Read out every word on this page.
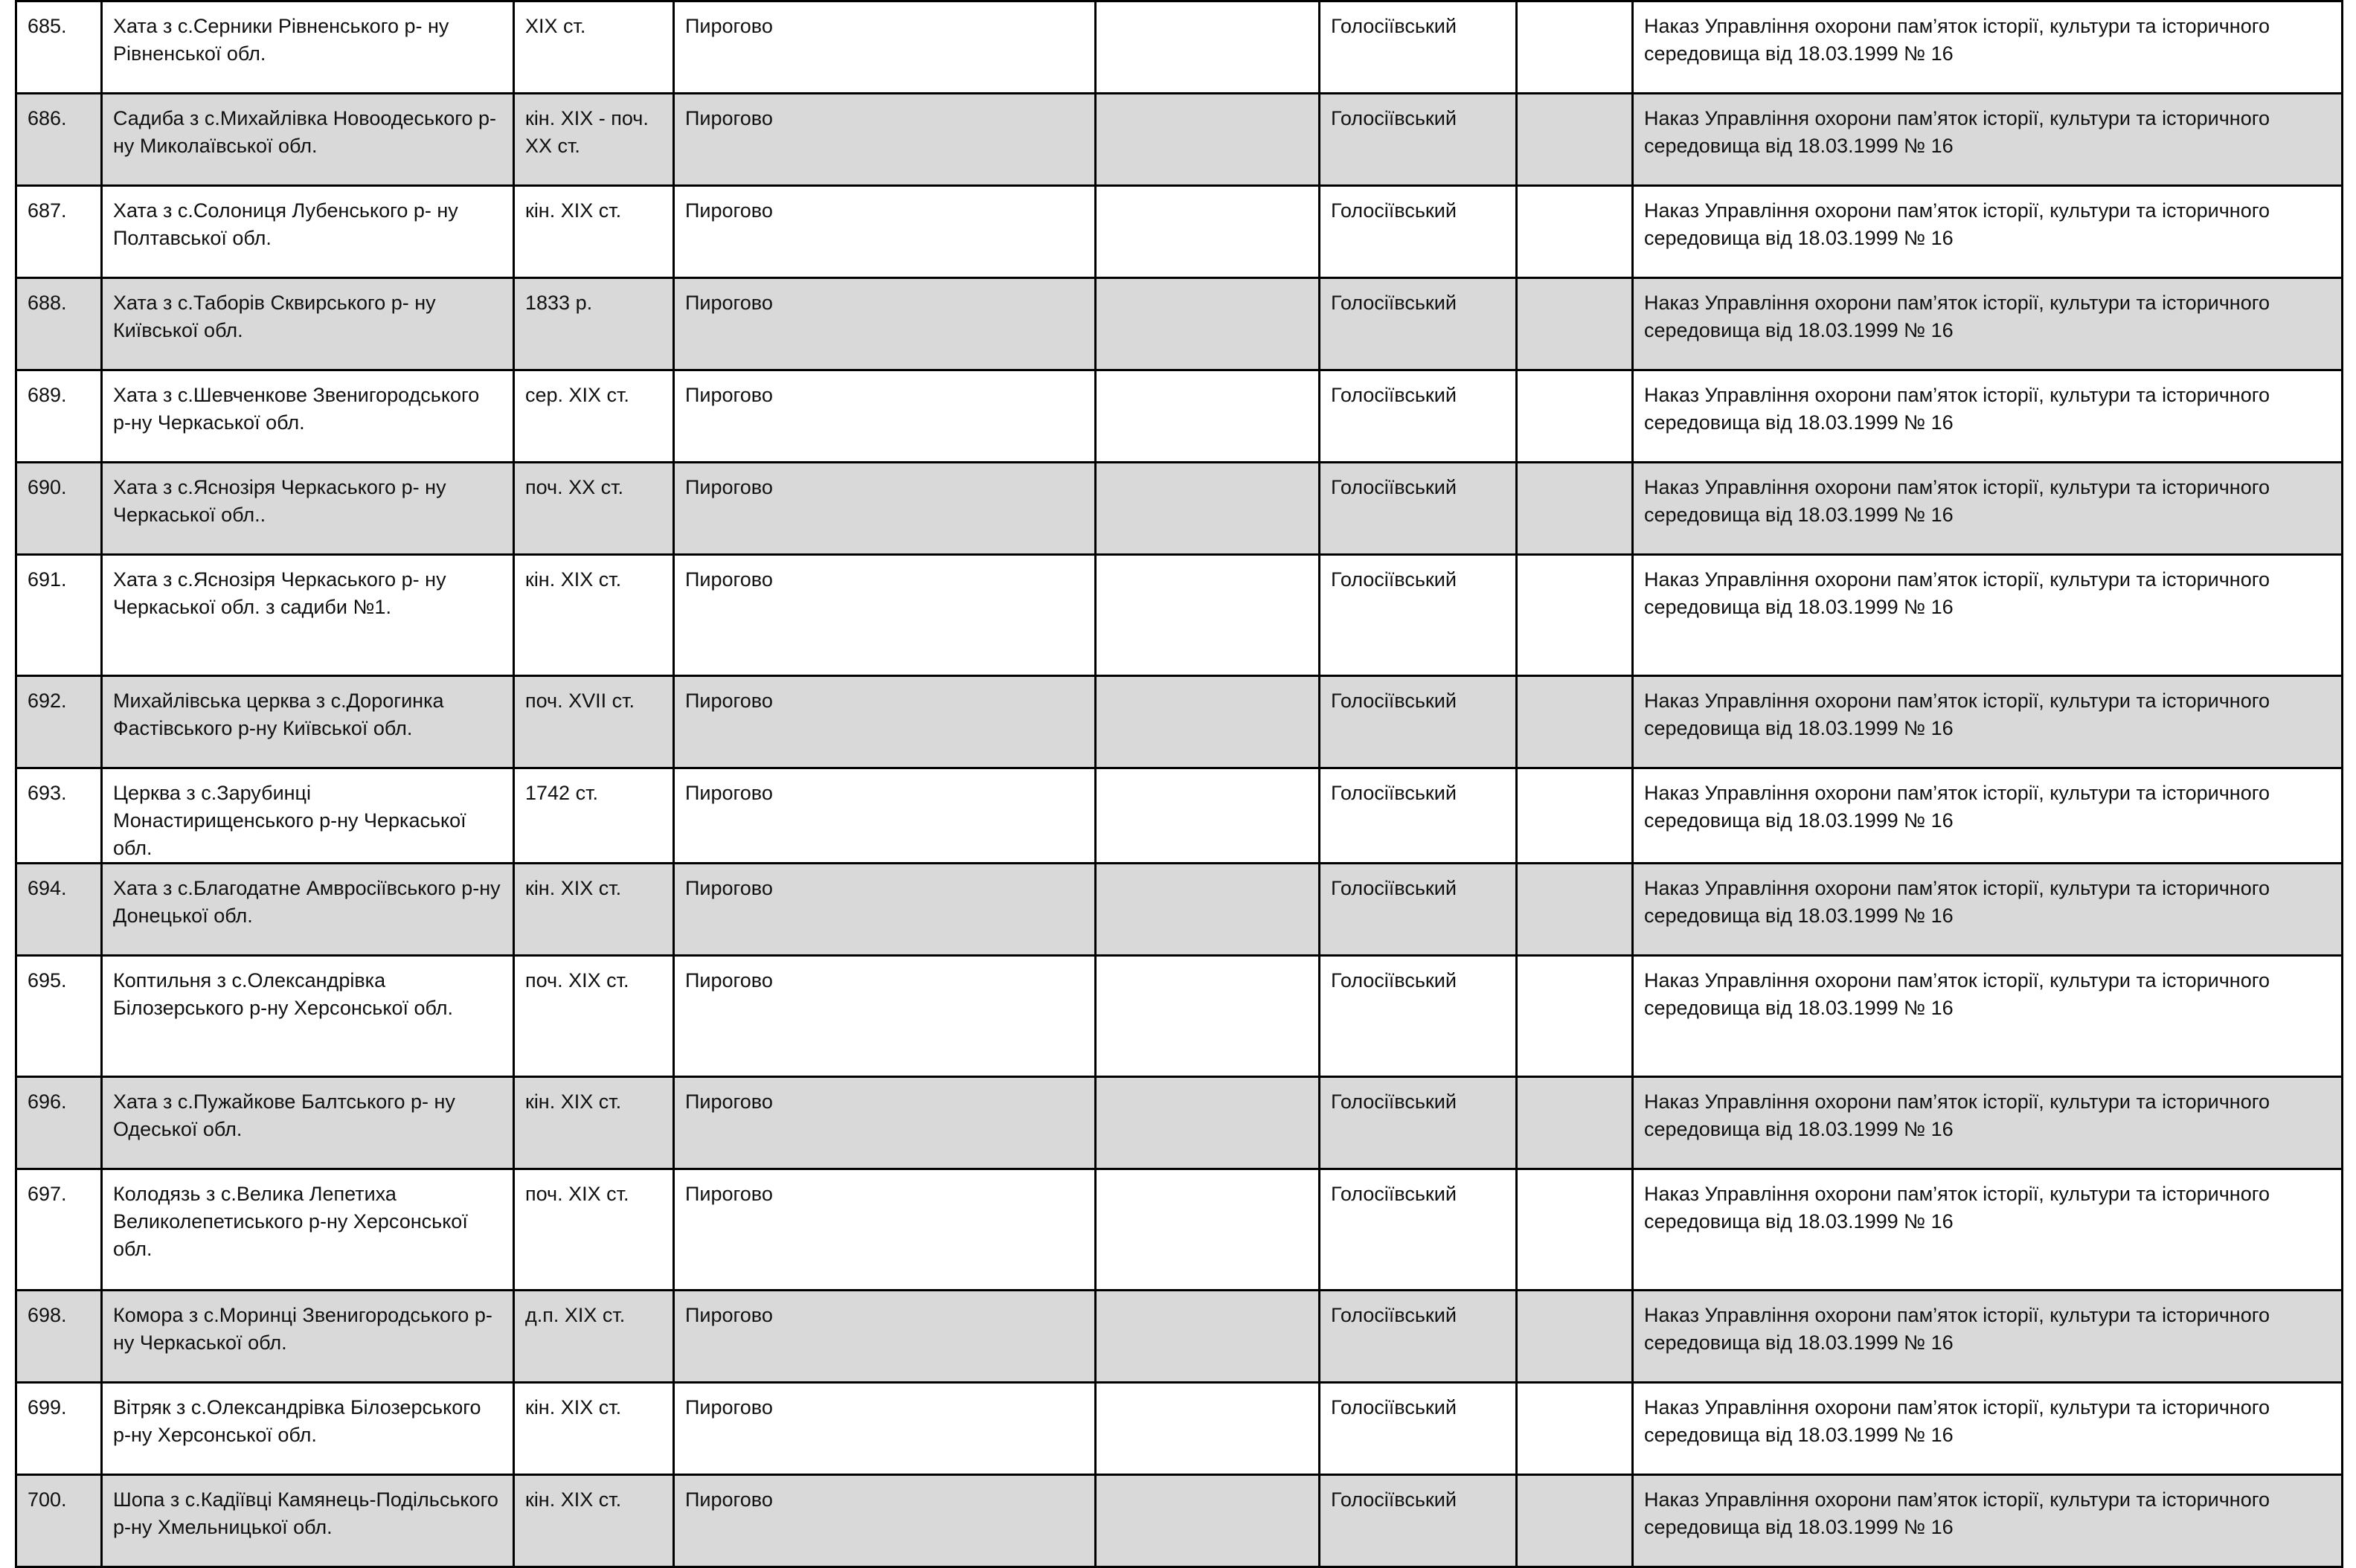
685.	Хата з с.Серники Рівненського р- ну Рівненської обл.	ХІХ ст.	Пирогово		Голосіївський		Наказ Управління охорони пам’яток історії, культури та історичного середовища від 18.03.1999 № 16
686.	Садиба з с.Михайлівка Новоодеського р-ну Миколаївської обл.	кін. ХІХ - поч. ХХ ст.	Пирогово		Голосіївський		Наказ Управління охорони пам’яток історії, культури та історичного середовища від 18.03.1999 № 16
687.	Хата з с.Солониця Лубенського р- ну Полтавської обл.	кін. ХІХ ст.	Пирогово		Голосіївський		Наказ Управління охорони пам’яток історії, культури та історичного середовища від 18.03.1999 № 16
688.	Хата з с.Таборів Сквирського р- ну Київської обл.	1833 р.	Пирогово		Голосіївський		Наказ Управління охорони пам’яток історії, культури та історичного середовища від 18.03.1999 № 16
689.	Хата з с.Шевченкове Звенигородського р-ну Черкаської обл.	сер. ХІХ ст.	Пирогово		Голосіївський		Наказ Управління охорони пам’яток історії, культури та історичного середовища від 18.03.1999 № 16
690.	Хата з с.Яснозіря Черкаського р- ну Черкаської обл..	поч. ХХ ст.	Пирогово		Голосіївський		Наказ Управління охорони пам’яток історії, культури та історичного середовища від 18.03.1999 № 16
691.	Хата з с.Яснозіря Черкаського р- ну Черкаської обл. з садиби №1.	кін. ХІХ ст.	Пирогово		Голосіївський		Наказ Управління охорони пам’яток історії, культури та історичного середовища від 18.03.1999 № 16
692.	Михайлівська церква з с.Дорогинка Фастівського р-ну Київської обл.	поч. ХVІІ ст.	Пирогово		Голосіївський		Наказ Управління охорони пам’яток історії, культури та історичного середовища від 18.03.1999 № 16
693.	Церква з с.Зарубинці Монастирищенського р-ну Черкаської обл.	1742 ст.	Пирогово		Голосіївський		Наказ Управління охорони пам’яток історії, культури та історичного середовища від 18.03.1999 № 16
694.	Хата з с.Благодатне Амвросіївського р-ну Донецької обл.	кін. ХІХ ст.	Пирогово		Голосіївський		Наказ Управління охорони пам’яток історії, культури та історичного середовища від 18.03.1999 № 16
695.	Коптильня з с.Олександрівка Білозерського р-ну Херсонської обл.	поч. ХІХ ст.	Пирогово		Голосіївський		Наказ Управління охорони пам’яток історії, культури та історичного середовища від 18.03.1999 № 16
696.	Хата з с.Пужайкове Балтського р- ну Одеської обл.	кін. ХІХ ст.	Пирогово		Голосіївський		Наказ Управління охорони пам’яток історії, культури та історичного середовища від 18.03.1999 № 16
697.	Колодязь з с.Велика Лепетиха Великолепетиського р-ну Херсонської обл.	поч. ХІХ ст.	Пирогово		Голосіївський		Наказ Управління охорони пам’яток історії, культури та історичного середовища від 18.03.1999 № 16
698.	Комора з с.Моринці Звенигородського р-ну Черкаської обл.	д.п. ХІХ ст.	Пирогово		Голосіївський		Наказ Управління охорони пам’яток історії, культури та історичного середовища від 18.03.1999 № 16
699.	Вітряк з с.Олександрівка Білозерського р-ну Херсонської обл.	кін. ХІХ ст.	Пирогово		Голосіївський		Наказ Управління охорони пам’яток історії, культури та історичного середовища від 18.03.1999 № 16
700.	Шопа з с.Кадіївці Камянець-Подільського р-ну Хмельницької обл.	кін. ХІХ ст.	Пирогово		Голосіївський		Наказ Управління охорони пам’яток історії, культури та історичного середовища від 18.03.1999 № 16
